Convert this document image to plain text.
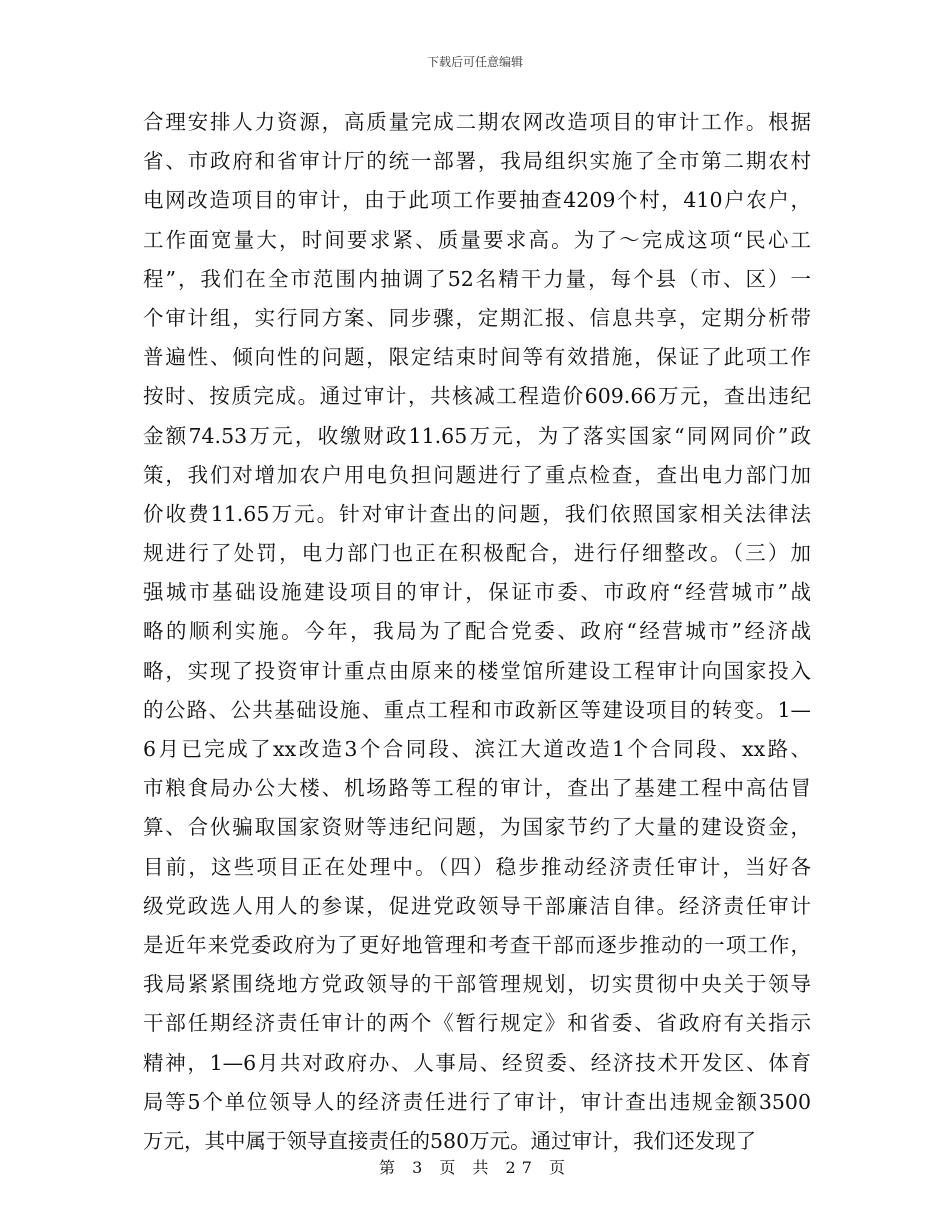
下载后可任意编辑
合理安排人力资源，高质量完成二期农网改造项目的审计工作。根据
省、市政府和省审计厅的统一部署，我局组织实施了全市第二期农村
电网改造项目的审计，由于此项工作要抽查4209个村，410户农户，
工作面宽量大，时间要求紧、质量要求高。为了～完成这项“民心工
程”，我们在全市范围内抽调了52名精干力量，每个县（市、区）一
个审计组，实行同方案、同步骤，定期汇报、信息共享，定期分析带
普遍性、倾向性的问题，限定结束时间等有效措施，保证了此项工作
按时、按质完成。通过审计，共核减工程造价609.66万元，查出违纪
金额74.53万元，收缴财政11.65万元，为了落实国家“同网同价”政
策，我们对增加农户用电负担问题进行了重点检查，查出电力部门加
价收费11.65万元。针对审计查出的问题，我们依照国家相关法律法
规进行了处罚，电力部门也正在积极配合，进行仔细整改。（三）加
强城市基础设施建设项目的审计，保证市委、市政府“经营城市”战
略的顺利实施。今年，我局为了配合党委、政府“经营城市”经济战
略，实现了投资审计重点由原来的楼堂馆所建设工程审计向国家投入
的公路、公共基础设施、重点工程和市政新区等建设项目的转变。1—
6月已完成了xx改造3个合同段、滨江大道改造1个合同段、xx路、
市粮食局办公大楼、机场路等工程的审计，查出了基建工程中高估冒
算、合伙骗取国家资财等违纪问题，为国家节约了大量的建设资金，
目前，这些项目正在处理中。（四）稳步推动经济责任审计，当好各
级党政选人用人的参谋，促进党政领导干部廉洁自律。经济责任审计
是近年来党委政府为了更好地管理和考查干部而逐步推动的一项工作，
我局紧紧围绕地方党政领导的干部管理规划，切实贯彻中央关于领导
干部任期经济责任审计的两个《暂行规定》和省委、省政府有关指示
精神，1—6月共对政府办、人事局、经贸委、经济技术开发区、体育
局等5个单位领导人的经济责任进行了审计，审计查出违规金额3500
万元，其中属于领导直接责任的580万元。通过审计，我们还发现了
第 3 页 共 27 页
